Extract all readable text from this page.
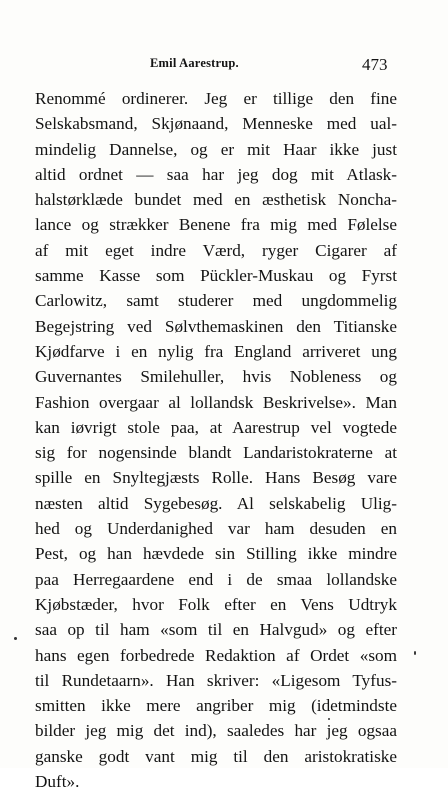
Emil Aarestrup.	473
Renommé ordinerer. Jeg er tillige den fine
Selskabsmand, Skjønaand, Menneske med ual-
mindelig Dannelse, og er mit Haar ikke just
altid ordnet — saa har jeg dog mit Atlask-
halstørklæde bundet med en æsthetisk Noncha-
lance og strækker Benene fra mig med Følelse
af mit eget indre Værd, ryger Cigarer af
samme Kasse som Pückler-Muskau og Fyrst
Carlowitz, samt studerer med ungdommelig
Begejstring ved Sølvthemaskinen den Titianske
Kjødfarve i en nylig fra England arriveret ung
Guvernantes Smilehuller, hvis Nobleness og
Fashion overgaar al lollandsk Beskrivelse». Man
kan iøvrigt stole paa, at Aarestrup vel vogtede
sig for nogensinde blandt Landaristokraterne at
spille en Snyltegjæsts Rolle. Hans Besøg vare
næsten altid Sygebesøg. Al selskabelig Ulig-
hed og Underdanighed var ham desuden en
Pest, og han hævdede sin Stilling ikke mindre
paa Herregaardene end i de smaa lollandske
Kjøbstæder, hvor Folk efter en Vens Udtryk
saa op til ham «som til en Halvgud» og efter
hans egen forbedrede Redaktion af Ordet «som
til Rundetaarn». Han skriver: «Ligesom Tyfus-
smitten ikke mere angriber mig (idetmindste
bilder jeg mig det ind), saaledes har jeg ogsaa
ganske godt vant mig til den aristokratiske
Duft».
